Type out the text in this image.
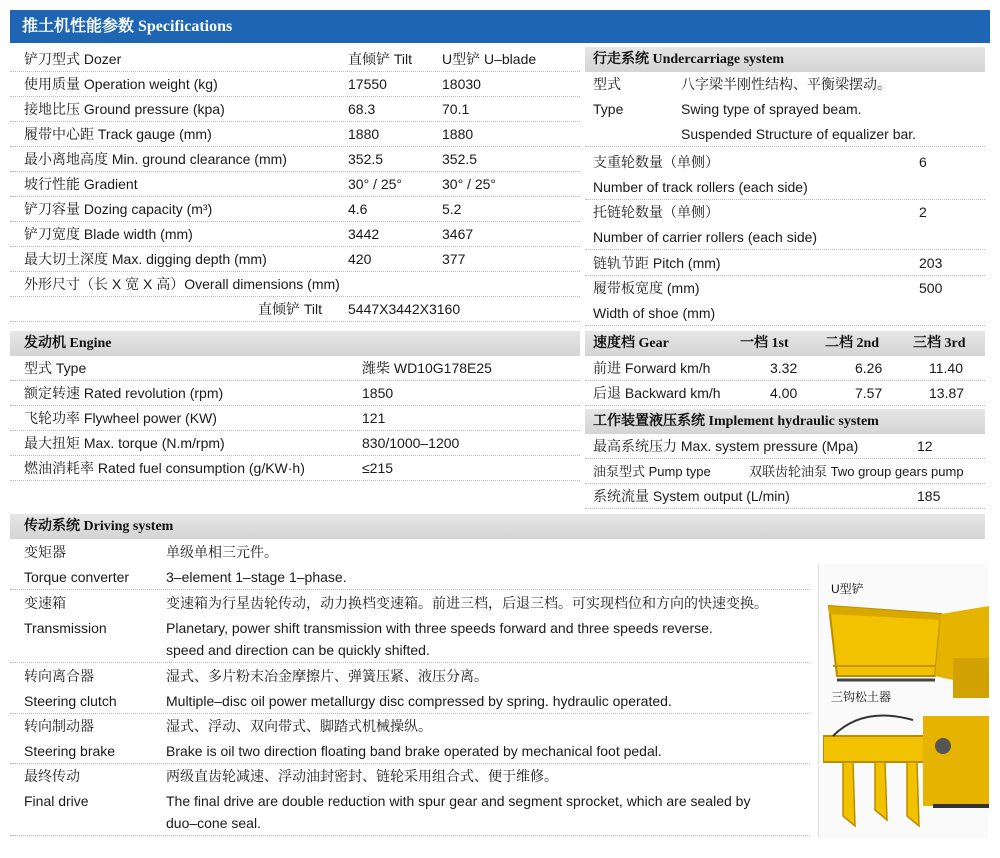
推土机性能参数 Specifications
铲刀型式 Dozer	直倾铲 Tilt U型铲 U–blade
使用质量 Operation weight (kg)	17550	18030
接地比压 Ground pressure (kpa)	68.3	70.1
履带中心距 Track gauge (mm)	1880	1880
最小离地高度 Min. ground clearance (mm)	352.5	352.5
坡行性能 Gradient	30° / 25°	30° / 25°
铲刀容量 Dozing capacity (m³)	4.6	5.2
铲刀宽度 Blade width (mm)	3442	3467
最大切土深度 Max. digging depth (mm)	420	377
外形尺寸（长 X 宽 X 高）Overall dimensions (mm)
直倾铲 Tilt 5447X3442X3160
发动机 Engine
型式 Type	潍柴 WD10G178E25
额定转速 Rated revolution (rpm)	1850
飞轮功率 Flywheel power (KW)	121
最大扭矩 Max. torque (N.m/rpm)	830/1000–1200
燃油消耗率 Rated fuel consumption (g/KW·h)	≤215
行走系统 Undercarriage system
型式	八字梁半刚性结构、平衡梁摆动。
Type	Swing type of sprayed beam.
Suspended Structure of equalizer bar.
支重轮数量（单侧）	6
Number of track rollers (each side)
托链轮数量（单侧）	2
Number of carrier rollers (each side)
链轨节距 Pitch (mm)	203
履带板宽度 (mm)	500
Width of shoe (mm)
速度档 Gear	一档 1st	二档 2nd 三档 3rd
前进 Forward km/h	3.32	6.26	11.40
后退 Backward km/h	4.00	7.57	13.87
工作装置液压系统 Implement hydraulic system
最高系统压力 Max. system pressure (Mpa)	12
油泵型式 Pump type	双联齿轮油泵 Two group gears pump
系统流量 System output (L/min)	185
传动系统 Driving system
变矩器	单级单相三元件。
Torque converter	3–element 1–stage 1–phase.
变速箱	变速箱为行星齿轮传动，动力换档变速箱。前进三档，后退三档。可实现档位和方向的快速变换。
Transmission	Planetary, power shift transmission with three speeds forward and three speeds reverse.
speed and direction can be quickly shifted.
转向离合器	湿式、多片粉末冶金摩擦片、弹簧压紧、液压分离。
Steering clutch	Multiple–disc oil power metallurgy disc compressed by spring. hydraulic operated.
转向制动器	湿式、浮动、双向带式、脚踏式机械操纵。
Steering brake	Brake is oil two direction floating band brake operated by mechanical foot pedal.
最终传动	两级直齿轮减速、浮动油封密封、链轮采用组合式、便于维修。
Final drive	The final drive are double reduction with spur gear and segment sprocket, which are sealed by
duo–cone seal.
U型铲
三钩松土器
